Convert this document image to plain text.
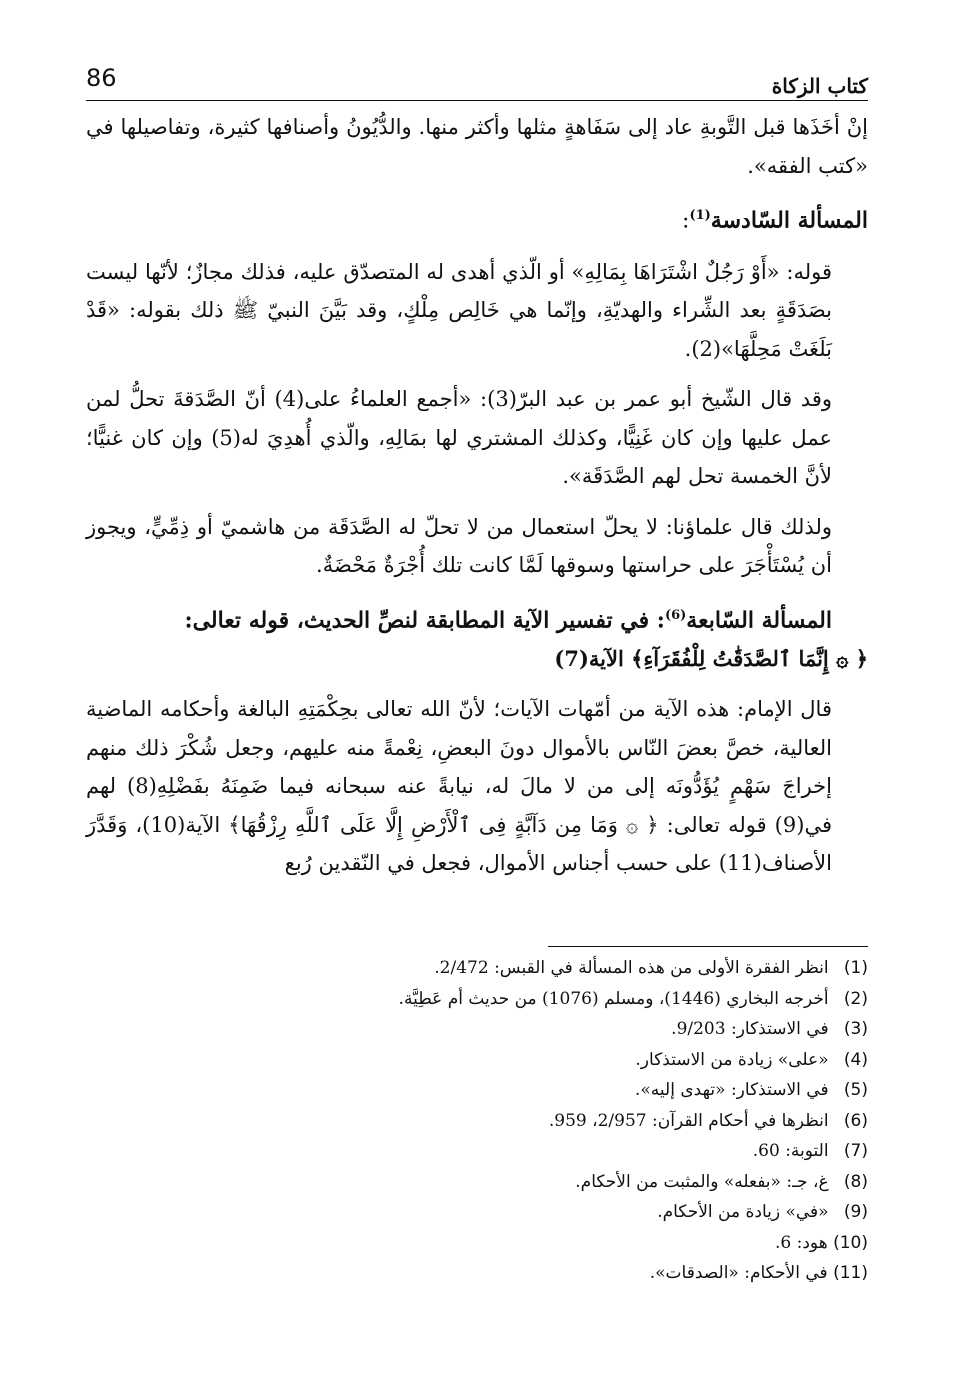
كتاب الزكاة
86

إنْ أخَذَها قبل التَّوبةِ عاد إلى سَفَاهةٍ مثلها وأكثر منها. والدُّيُونُ وأصنافها كثيرة، وتفاصيلها في «كتب الفقه».

المسألة السّادسة$^{(1)}$:

قوله: «أَوْ رَجُلٌ اشْتَرَاهَا بِمَالِهِ» أو الّذي أهدى له المتصدّق عليه، فذلك مجازٌ؛ لأنّها ليست بصَدَقَةٍ بعد الشِّراء والهديّةِ، وإنّما هي خَالِص مِلْكٍ، وقد بَيَّنَ النبيّ ﷺ ذلك بقوله: «قَدْ بَلَغَتْ مَحِلَّهَا»(2).

وقد قال الشّيخ أبو عمر بن عبد البرّ(3): «أجمع العلماءُ على(4) أنّ الصَّدَقةَ تحلُّ لمن عمل عليها وإن كان غَنِيًّا، وكذلك المشتري لها بمَالِهِ، والّذي أُهدِيَ له(5) وإن كان غنيًّا؛ لأنَّ الخمسة تحل لهم الصَّدَقَة».

ولذلك قال علماؤنا: لا يحلّ استعمال من لا تحلّ له الصَّدَقَة من هاشميّ أو ذِمِّيٍّ، ويجوز أن يُسْتَأْجَرَ على حراستها وسوقها لَمَّا كانت تلك أُجْرَةٌ مَحْضَةٌ.

المسألة السّابعة$^{(6)}$: في تفسير الآية المطابقة لنصِّ الحديث، قوله تعالى:

﴿ ۞ إِنَّمَا ٱلصَّدَقَٰتُ لِلْفُقَرَآءِ﴾ الآية(7)

قال الإمام: هذه الآية من أمّهات الآيات؛ لأنّ الله تعالى بحِكْمَتِهِ البالغة وأحكامه الماضية العالية، خصَّ بعضَ النّاس بالأموال دونَ البعضِ، نِعْمةً منه عليهم، وجعل شُكْرَ ذلك منهم إخراجَ سَهْمٍ يُؤَدُّونَه إلى من لا مالَ له، نيابةً عنه سبحانه فيما ضَمِنَهُ بفَضْلِهِ(8) لهم في(9) قوله تعالى: ﴿ ۞ وَمَا مِن دَآبَّةٍ فِى ٱلْأَرْضِ إِلَّا عَلَى ٱللَّهِ رِزْقُهَا﴾ الآية(10)، وَقَدَّرَ الأصناف(11) على حسب أجناس الأموال، فجعل في النّقدين رُبع

(1) انظر الفقرة الأولى من هذه المسألة في القبس: 2/472.
(2) أخرجه البخاري (1446)، ومسلم (1076) من حديث أم عَطِيَّة.
(3) في الاستذكار: 9/203.
(4) «على» زيادة من الاستذكار.
(5) في الاستذكار: «تهدى إليه».
(6) انظرها في أحكام القرآن: 2/957، 959.
(7) التوبة: 60.
(8) غ، جـ: «بفعله» والمثبت من الأحكام.
(9) «في» زيادة من الأحكام.
(10) هود: 6.
(11) في الأحكام: «الصدقات».
